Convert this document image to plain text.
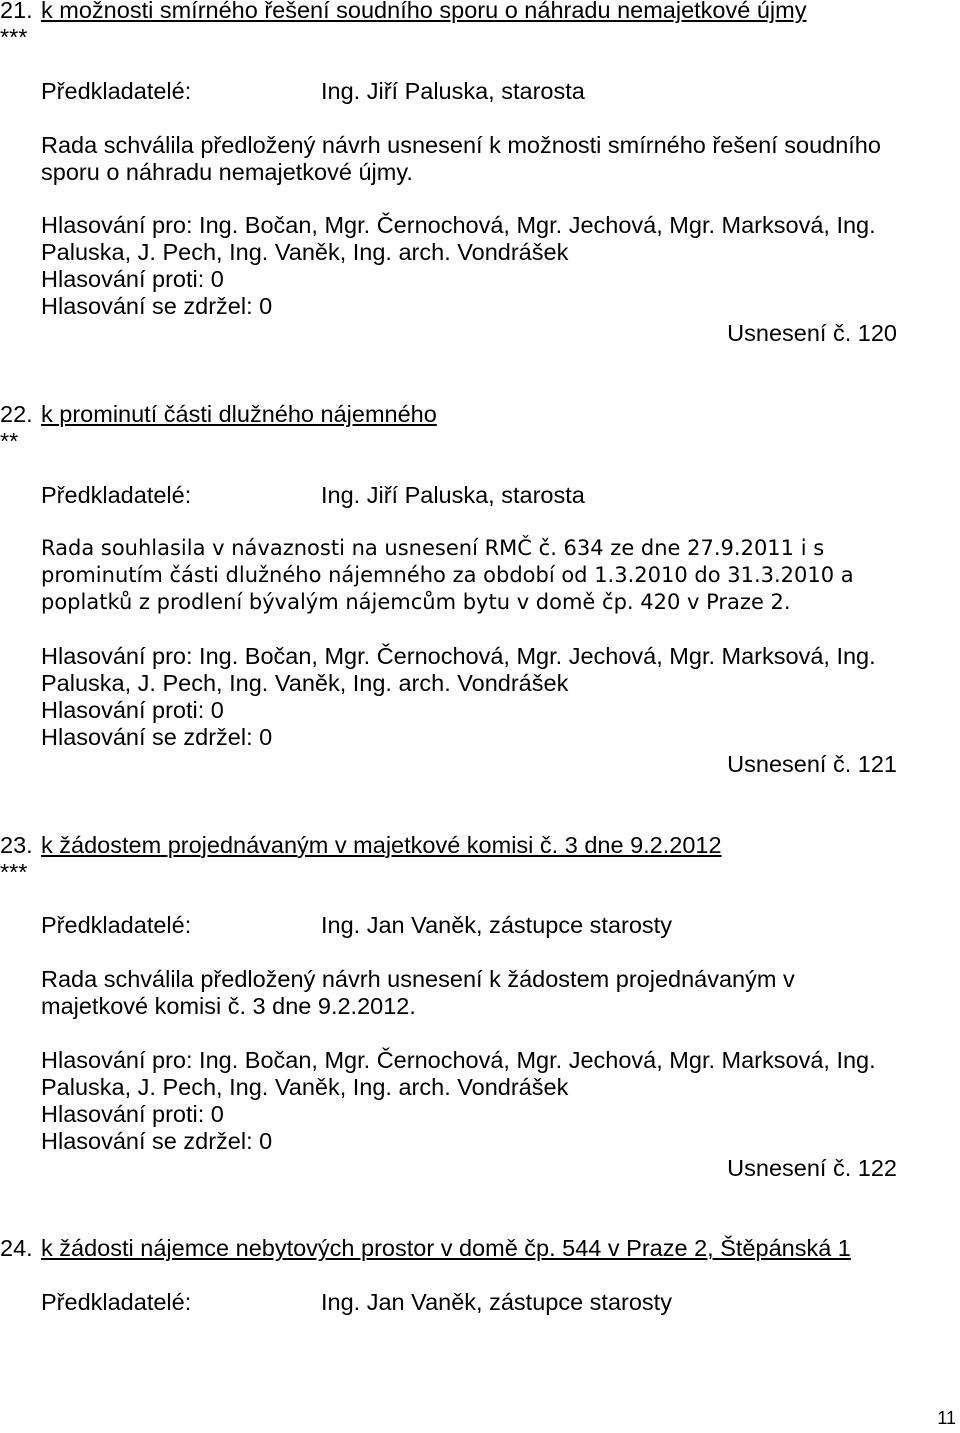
21. k možnosti smírného řešení soudního sporu o náhradu nemajetkové újmy
***
Předkladatelé:	Ing. Jiří Paluska, starosta
Rada schválila předložený návrh usnesení k možnosti smírného řešení soudního
sporu o náhradu nemajetkové újmy.
Hlasování pro: Ing. Bočan, Mgr. Černochová, Mgr. Jechová, Mgr. Marksová, Ing.
Paluska, J. Pech, Ing. Vaněk, Ing. arch. Vondrášek
Hlasování proti: 0
Hlasování se zdržel: 0
Usnesení č. 120
22. k prominutí části dlužného nájemného
**
Předkladatelé:	Ing. Jiří Paluska, starosta
Rada souhlasila v návaznosti na usnesení RMČ č. 634 ze dne 27.9.2011 i s
prominutím části dlužného nájemného za období od 1.3.2010 do 31.3.2010 a
poplatků z prodlení bývalým nájemcům bytu v domě čp. 420 v Praze 2.
Hlasování pro: Ing. Bočan, Mgr. Černochová, Mgr. Jechová, Mgr. Marksová, Ing.
Paluska, J. Pech, Ing. Vaněk, Ing. arch. Vondrášek
Hlasování proti: 0
Hlasování se zdržel: 0
Usnesení č. 121
23. k žádostem projednávaným v majetkové komisi č. 3 dne 9.2.2012
***
Předkladatelé:	Ing. Jan Vaněk, zástupce starosty
Rada schválila předložený návrh usnesení k žádostem projednávaným v
majetkové komisi č. 3 dne 9.2.2012.
Hlasování pro: Ing. Bočan, Mgr. Černochová, Mgr. Jechová, Mgr. Marksová, Ing.
Paluska, J. Pech, Ing. Vaněk, Ing. arch. Vondrášek
Hlasování proti: 0
Hlasování se zdržel: 0
Usnesení č. 122
24. k žádosti nájemce nebytových prostor v domě čp. 544 v Praze 2, Štěpánská 1
Předkladatelé:	Ing. Jan Vaněk, zástupce starosty
11
